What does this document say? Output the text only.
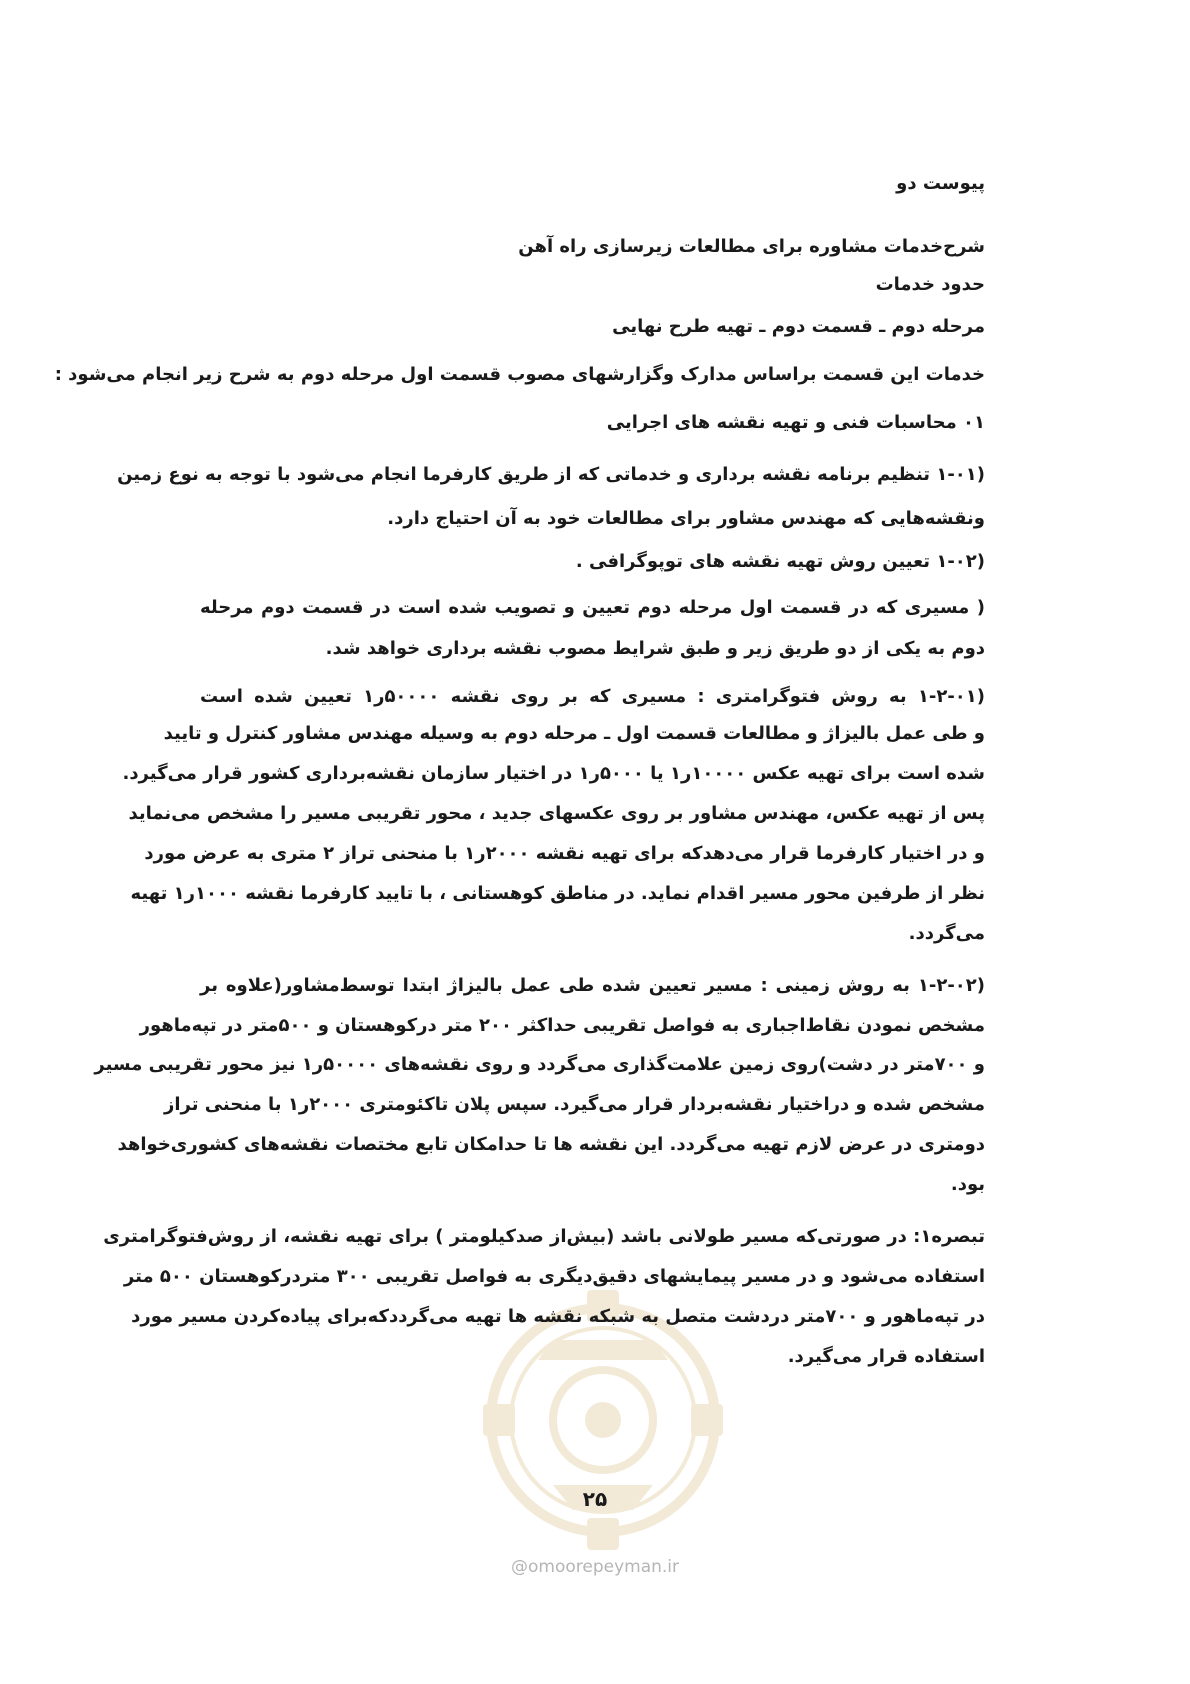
پیوست دو
شرح‌خدمات مشاوره برای مطالعات زیرسازی راه آهن
حدود خدمات
مرحله دوم ـ قسمت دوم ـ تهیه طرح نهایی
خدمات این قسمت براساس مدارک وگزارشهای مصوب قسمت اول مرحله دوم به شرح زیر انجام می‌شود :
۰۱ محاسبات فنی و تهیه نقشه های اجرایی
(۱-۰۱ تنظیم برنامه نقشه برداری و خدماتی که از طریق کارفرما انجام می‌شود با توجه به نوع زمین
ونقشه‌هایی که مهندس مشاور برای مطالعات خود به آن احتیاج دارد.
(۱-۰۲ تعیین روش تهیه نقشه های توپوگرافی .
( مسیری که در قسمت اول مرحله دوم تعیین و تصویب شده است در قسمت دوم مرحله
دوم به یکی از دو طریق زیر و طبق شرایط مصوب نقشه برداری خواهد شد.
(۱-۲-۰۱ به روش فتوگرامتری : مسیری که بر روی نقشه ۵۰۰۰۰ر۱ تعیین شده است
و طی عمل بالیزاژ و مطالعات قسمت اول ـ مرحله دوم به وسیله مهندس مشاور کنترل و تایید
شده است برای تهیه عکس ۱۰۰۰۰ر۱ یا ۵۰۰۰ر۱ در اختیار سازمان نقشه‌برداری کشور قرار می‌گیرد.
پس از تهیه عکس، مهندس مشاور بر روی عکسهای جدید ، محور تقریبی مسیر را مشخص می‌نماید
و در اختیار کارفرما قرار می‌دهدکه برای تهیه نقشه ۲۰۰۰ر۱ با منحنی تراز ۲ متری به عرض مورد
نظر از طرفین محور مسیر اقدام نماید. در مناطق کوهستانی ، با تایید کارفرما نقشه ۱۰۰۰ر۱ تهیه
می‌گردد.
(۱-۲-۰۲ به روش زمینی : مسیر تعیین شده طی عمل بالیزاژ ابتدا توسط‌مشاور(علاوه بر
مشخص نمودن نقاط‌اجباری به فواصل تقریبی حداکثر ۲۰۰ متر درکوهستان و ۵۰۰متر در تپه‌ماهور
و ۷۰۰متر در دشت)روی زمین علامت‌گذاری می‌گردد و روی نقشه‌های ۵۰۰۰۰ر۱ نیز محور تقریبی مسیر
مشخص شده و دراختیار نقشه‌بردار قرار می‌گیرد. سپس پلان تاکئومتری ۲۰۰۰ر۱ با منحنی تراز
دومتری در عرض لازم تهیه می‌گردد. این نقشه ها تا حدامکان تابع مختصات نقشه‌های کشوری‌خواهد
بود.
تبصره۱: در صورتی‌که مسیر طولانی باشد (بیش‌از صدکیلومتر ) برای تهیه نقشه، از روش‌فتوگرامتری
استفاده می‌شود و در مسیر پیمایشهای دقیق‌دیگری به فواصل تقریبی ۳۰۰ متردرکوهستان ۵۰۰ متر
در تپه‌ماهور و ۷۰۰متر دردشت متصل به شبکه نقشه ها تهیه می‌گرددکه‌برای پیاده‌کردن مسیر مورد
استفاده قرار می‌گیرد.
۲۵
@omoorepeyman.ir
